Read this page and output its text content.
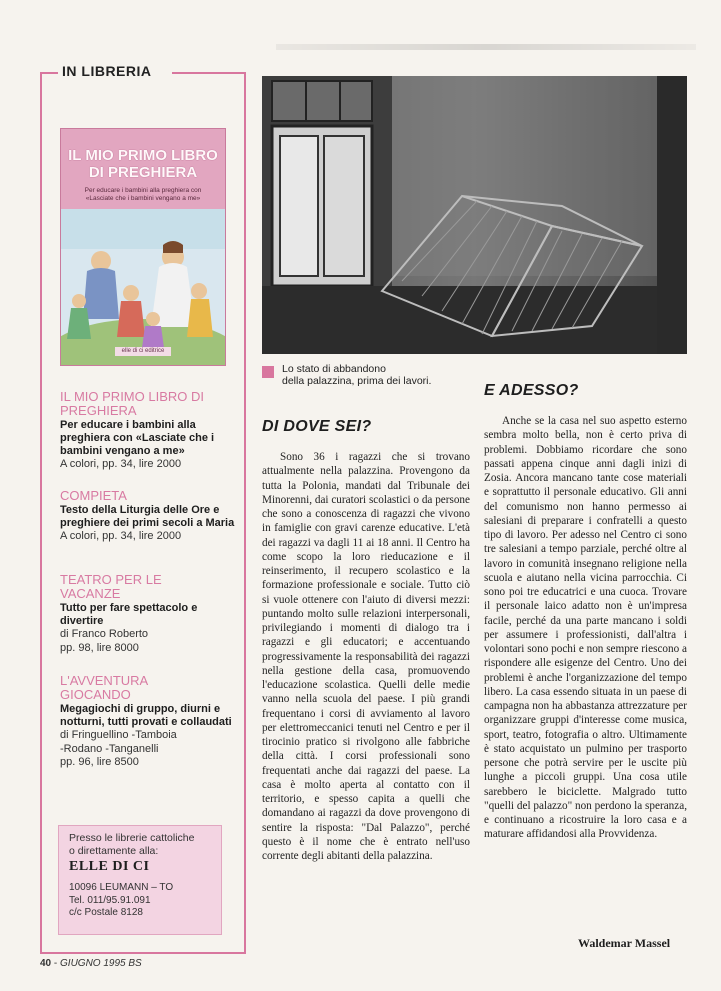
IN LIBRERIA
IL MIO PRIMO LIBRO DI PREGHIERA
Per educare i bambini alla preghiera con «Lasciate che i bambini vengano a me»
elle di ci editrice
IL MIO PRIMO LIBRO DI PREGHIERA
Per educare i bambini alla preghiera con «Lasciate che i bambini vengano a me»
A colori, pp. 34, lire 2000
COMPIETA
Testo della Liturgia delle Ore e preghiere dei primi secoli a Maria
A colori, pp. 34, lire 2000
TEATRO PER LE VACANZE
Tutto per fare spettacolo e divertire
di Franco Roberto
pp. 98, lire 8000
L'AVVENTURA GIOCANDO
Megagiochi di gruppo, diurni e notturni, tutti provati e collaudati
di Fringuellino -Tamboia
-Rodano -Tanganelli
pp. 96, lire 8500
Presso le librerie cattoliche
o direttamente alla:
ELLE DI CI
10096 LEUMANN – TO
Tel. 011/95.91.091
c/c Postale 8128
40 - GIUGNO 1995 BS
Lo stato di abbandono
della palazzina, prima dei lavori.
DI DOVE SEI?

Sono 36 i ragazzi che si trovano attualmente nella palazzina. Provengono da tutta la Polonia, mandati dal Tribunale dei Minorenni, dai curatori scolastici o da persone che sono a conoscenza di ragazzi che vivono in famiglie con gravi carenze educative. L'età dei ragazzi va dagli 11 ai 18 anni. Il Centro ha come scopo la loro rieducazione e il reinserimento, il recupero scolastico e la formazione professionale e sociale. Tutto ciò si vuole ottenere con l'aiuto di diversi mezzi: puntando molto sulle relazioni interpersonali, privilegiando i momenti di dialogo tra i ragazzi e gli educatori; e accentuando progressivamente la responsabilità dei ragazzi nella gestione della casa, promuovendo l'educazione scolastica. Quelli delle medie vanno nella scuola del paese. I più grandi frequentano i corsi di avviamento al lavoro per elettromeccanici tenuti nel Centro e per il tirocinio pratico si rivolgono alle fabbriche della città. I corsi professionali sono frequentati anche dai ragazzi del paese. La casa è molto aperta al contatto con il territorio, e spesso capita a quelli che domandano ai ragazzi da dove provengono di sentire la risposta: "Dal Palazzo", perché questo è il nome che è entrato nell'uso corrente degli abitanti della palazzina.

E ADESSO?

Anche se la casa nel suo aspetto esterno sembra molto bella, non è certo priva di problemi. Dobbiamo ricordare che sono passati appena cinque anni dagli inizi di Zosia. Ancora mancano tante cose materiali e soprattutto il personale educativo. Gli anni del comunismo non hanno permesso ai salesiani di preparare i confratelli a questo tipo di lavoro. Per adesso nel Centro ci sono tre salesiani a tempo parziale, perché oltre al lavoro in comunità insegnano religione nella scuola e aiutano nella vicina parrocchia. Ci sono poi tre educatrici e una cuoca. Trovare il personale laico adatto non è un'impresa facile, perché da una parte mancano i soldi per assumere i professionisti, dall'altra i volontari sono pochi e non sempre riescono a rispondere alle esigenze del Centro. Uno dei problemi è anche l'organizzazione del tempo libero. La casa essendo situata in un paese di campagna non ha abbastanza attrezzature per organizzare gruppi d'interesse come musica, sport, teatro, fotografia o altro. Ultimamente è stato acquistato un pulmino per trasporto persone che potrà servire per le uscite più lunghe a piccoli gruppi. Una cosa utile sarebbero le biciclette. Malgrado tutto "quelli del palazzo" non perdono la speranza, e continuano a ricostruire la loro casa e a maturare affidandosi alla Provvidenza.

Waldemar Massel
